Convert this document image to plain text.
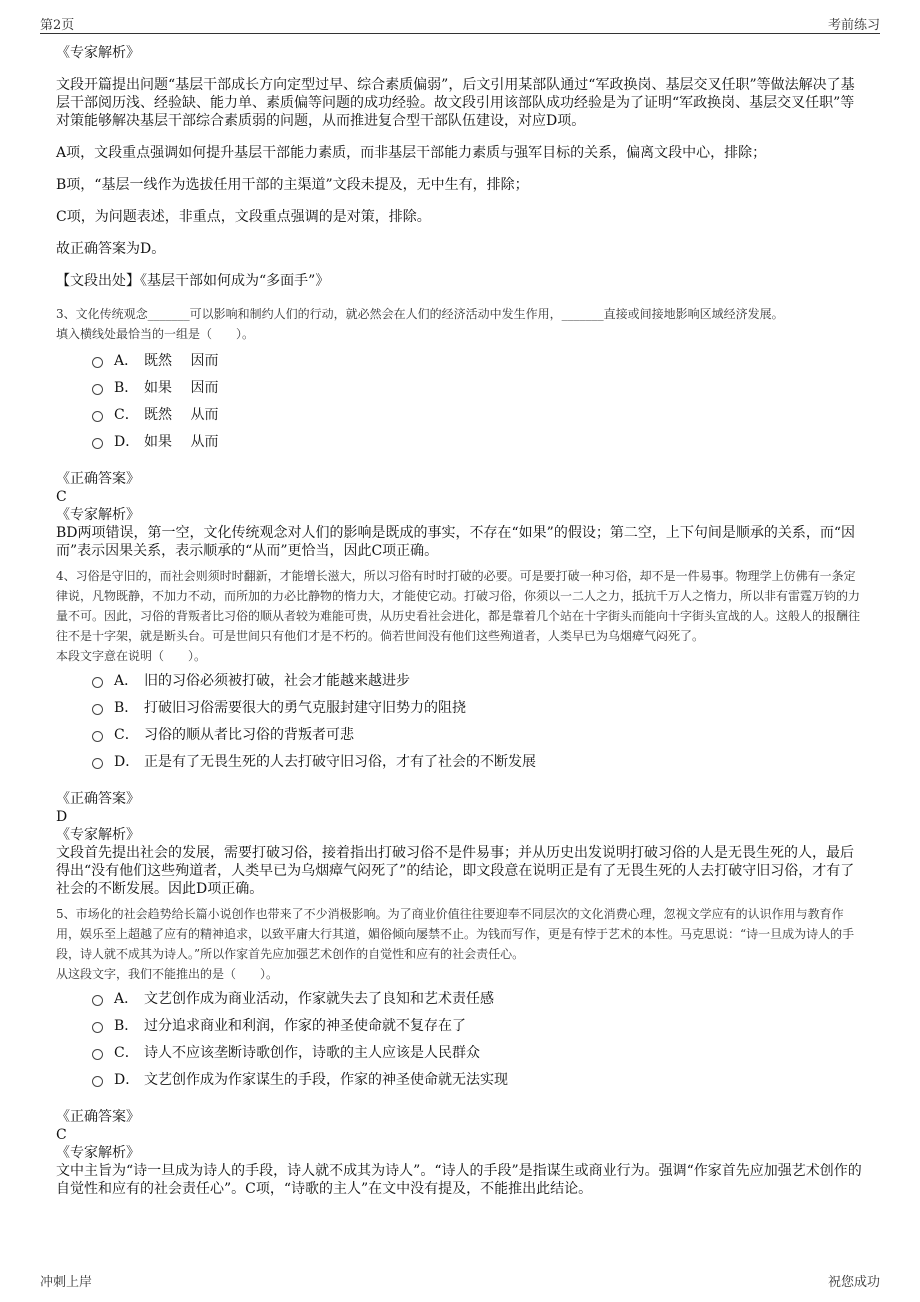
第2页	考前练习

《专家解析》

文段开篇提出问题“基层干部成长方向定型过早、综合素质偏弱”，后文引用某部队通过“军政换岗、基层交叉任职”等做法解决了基层干部阅历浅、经验缺、能力单、素质偏等问题的成功经验。故文段引用该部队成功经验是为了证明“军政换岗、基层交叉任职”等对策能够解决基层干部综合素质弱的问题，从而推进复合型干部队伍建设，对应D项。

A项，文段重点强调如何提升基层干部能力素质，而非基层干部能力素质与强军目标的关系，偏离文段中心，排除；

B项，“基层一线作为选拔任用干部的主渠道”文段未提及，无中生有，排除；

C项，为问题表述，非重点，文段重点强调的是对策，排除。

故正确答案为D。

【文段出处】《基层干部如何成为“多面手”》

3、文化传统观念_______可以影响和制约人们的行动，就必然会在人们的经济活动中发生作用，_______直接或间接地影响区域经济发展。

填入横线处最恰当的一组是（　　）。

A． 既然　 因而
B． 如果　 因而
C． 既然　 从而
D． 如果　 从而

《正确答案》

C

《专家解析》

BD两项错误，第一空，文化传统观念对人们的影响是既成的事实，不存在“如果”的假设；第二空，上下句间是顺承的关系，而“因而”表示因果关系，表示顺承的“从而”更恰当，因此C项正确。

4、习俗是守旧的，而社会则须时时翻新，才能增长滋大，所以习俗有时时打破的必要。可是要打破一种习俗，却不是一件易事。物理学上仿佛有一条定律说，凡物既静，不加力不动，而所加的力必比静物的惰力大，才能使它动。打破习俗，你须以一二人之力，抵抗千万人之惰力，所以非有雷霆万钧的力量不可。因此，习俗的背叛者比习俗的顺从者较为难能可贵，从历史看社会进化，都是靠着几个站在十字街头而能向十字街头宣战的人。这般人的报酬往往不是十字架，就是断头台。可是世间只有他们才是不朽的。倘若世间没有他们这些殉道者，人类早已为乌烟瘴气闷死了。

本段文字意在说明（　　）。

A． 旧的习俗必须被打破，社会才能越来越进步
B． 打破旧习俗需要很大的勇气克服封建守旧势力的阻挠
C． 习俗的顺从者比习俗的背叛者可悲
D． 正是有了无畏生死的人去打破守旧习俗，才有了社会的不断发展

《正确答案》

D

《专家解析》

文段首先提出社会的发展，需要打破习俗，接着指出打破习俗不是件易事；并从历史出发说明打破习俗的人是无畏生死的人，最后得出“没有他们这些殉道者，人类早已为乌烟瘴气闷死了”的结论，即文段意在说明正是有了无畏生死的人去打破守旧习俗，才有了社会的不断发展。因此D项正确。

5、市场化的社会趋势给长篇小说创作也带来了不少消极影响。为了商业价值往往要迎奉不同层次的文化消费心理，忽视文学应有的认识作用与教育作用，娱乐至上超越了应有的精神追求，以致平庸大行其道，媚俗倾向屡禁不止。为钱而写作，更是有悖于艺术的本性。马克思说：“诗一旦成为诗人的手段，诗人就不成其为诗人。”所以作家首先应加强艺术创作的自觉性和应有的社会责任心。

从这段文字，我们不能推出的是（　　）。

A． 文艺创作成为商业活动，作家就失去了良知和艺术责任感
B． 过分追求商业和利润，作家的神圣使命就不复存在了
C． 诗人不应该垄断诗歌创作，诗歌的主人应该是人民群众
D． 文艺创作成为作家谋生的手段，作家的神圣使命就无法实现

《正确答案》

C

《专家解析》

文中主旨为“诗一旦成为诗人的手段，诗人就不成其为诗人”。“诗人的手段”是指谋生或商业行为。强调“作家首先应加强艺术创作的自觉性和应有的社会责任心”。C项，“诗歌的主人”在文中没有提及，不能推出此结论。

冲刺上岸	祝您成功
